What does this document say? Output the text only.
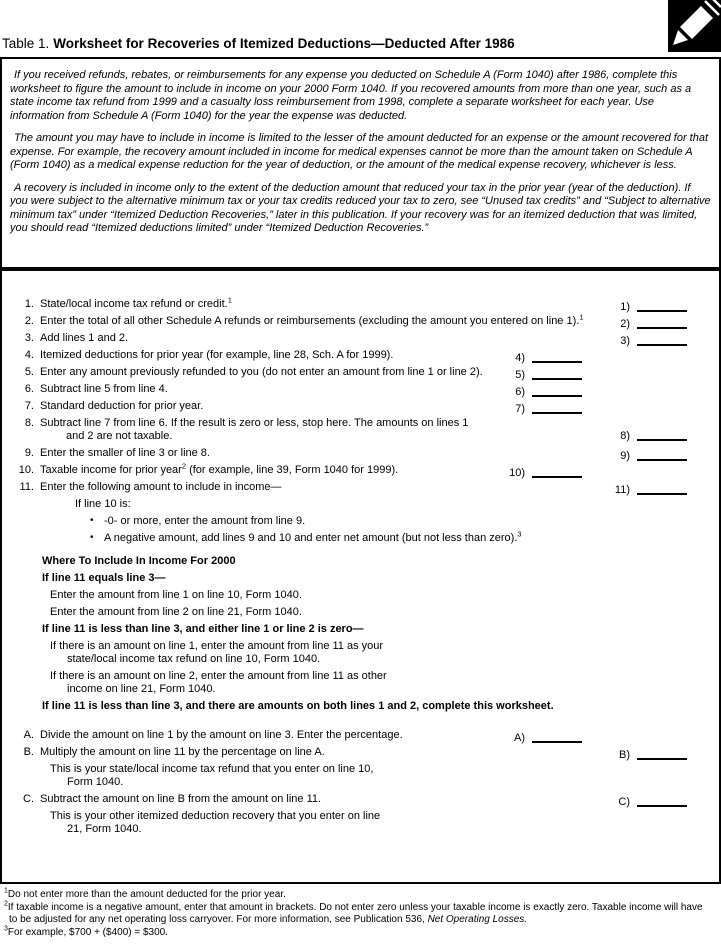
Table 1. Worksheet for Recoveries of Itemized Deductions—Deducted After 1986

If you received refunds, rebates, or reimbursements for any expense you deducted on Schedule A (Form 1040) after 1986, complete this worksheet to figure the amount to include in income on your 2000 Form 1040. If you recovered amounts from more than one year, such as a state income tax refund from 1999 and a casualty loss reimbursement from 1998, complete a separate worksheet for each year. Use information from Schedule A (Form 1040) for the year the expense was deducted.

The amount you may have to include in income is limited to the lesser of the amount deducted for an expense or the amount recovered for that expense. For example, the recovery amount included in income for medical expenses cannot be more than the amount taken on Schedule A (Form 1040) as a medical expense reduction for the year of deduction, or the amount of the medical expense recovery, whichever is less.

A recovery is included in income only to the extent of the deduction amount that reduced your tax in the prior year (year of the deduction). If you were subject to the alternative minimum tax or your tax credits reduced your tax to zero, see “Unused tax credits” and “Subject to alternative minimum tax” under “Itemized Deduction Recoveries,” later in this publication. If your recovery was for an itemized deduction that was limited, you should read “Itemized deductions limited” under “Itemized Deduction Recoveries.”

1. State/local income tax refund or credit.$^1$
1)
2. Enter the total of all other Schedule A refunds or reimbursements (excluding the amount you entered on line 1).$^1$
2)
3. Add lines 1 and 2.	3)
4. Itemized deductions for prior year (for example, line 28, Sch. A for 1999).	4)
5. Enter any amount previously refunded to you (do not enter an amount from line 1 or line 2).	5)
6. Subtract line 5 from line 4.	6)
7. Standard deduction for prior year.	7)
8. Subtract line 7 from line 6. If the result is zero or less, stop here. The amounts on lines 1
and 2 are not taxable.	8)
9. Enter the smaller of line 3 or line 8.	9)
10. Taxable income for prior year$^2$ (for example, line 39, Form 1040 for 1999).	10)
11. Enter the following amount to include in income—	11)
If line 10 is:
• -0- or more, enter the amount from line 9.
• A negative amount, add lines 9 and 10 and enter net amount (but not less than zero).$^3$
Where To Include In Income For 2000
If line 11 equals line 3—
Enter the amount from line 1 on line 10, Form 1040.
Enter the amount from line 2 on line 21, Form 1040.
If line 11 is less than line 3, and either line 1 or line 2 is zero—
If there is an amount on line 1, enter the amount from line 11 as your
state/local income tax refund on line 10, Form 1040.
If there is an amount on line 2, enter the amount from line 11 as other
income on line 21, Form 1040.
If line 11 is less than line 3, and there are amounts on both lines 1 and 2, complete this worksheet.
A. Divide the amount on line 1 by the amount on line 3. Enter the percentage.	A)
B. Multiply the amount on line 11 by the percentage on line A.	B)
This is your state/local income tax refund that you enter on line 10,
Form 1040.
C. Subtract the amount on line B from the amount on line 11.	C)
This is your other itemized deduction recovery that you enter on line
21, Form 1040.
$^1$Do not enter more than the amount deducted for the prior year.
$^2$If taxable income is a negative amount, enter that amount in brackets. Do not enter zero unless your taxable income is exactly zero. Taxable income will have
to be adjusted for any net operating loss carryover. For more information, see Publication 536, Net Operating Losses.
$^3$For example, $700 + ($400) = $300.
